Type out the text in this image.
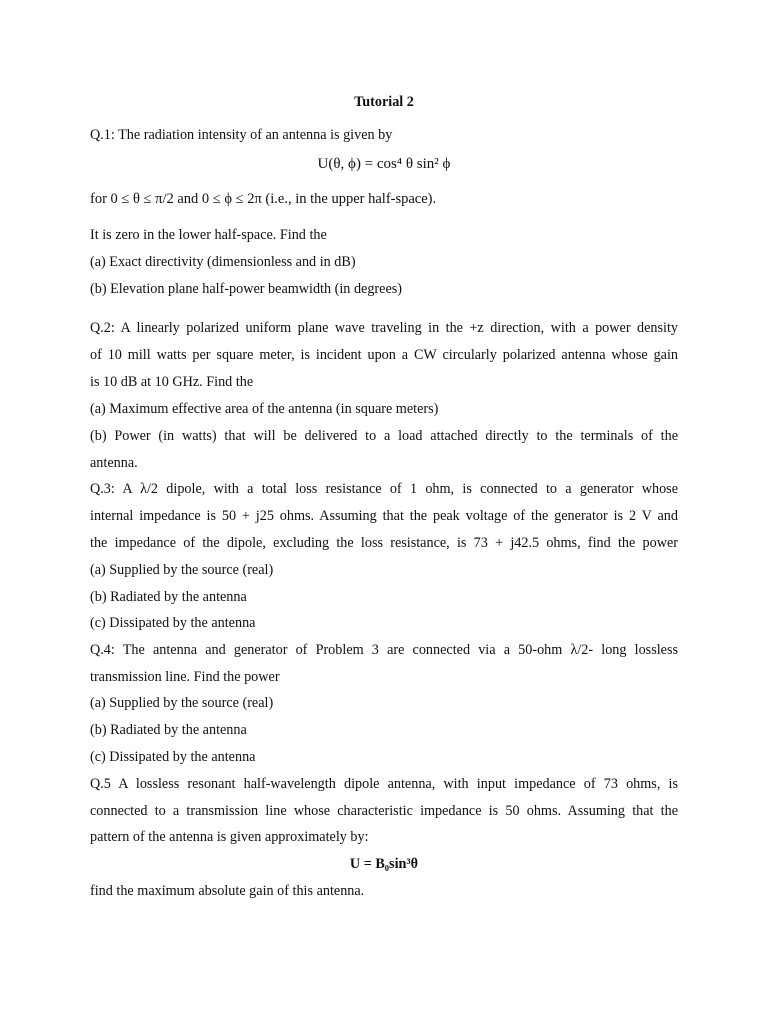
Tutorial 2
Q.1: The radiation intensity of an antenna is given by
U(θ, ϕ) = cos⁴ θ sin² ϕ
for 0 ≤ θ ≤ π/2 and 0 ≤ ϕ ≤ 2π (i.e., in the upper half-space).
It is zero in the lower half-space. Find the
(a) Exact directivity (dimensionless and in dB)
(b) Elevation plane half-power beamwidth (in degrees)
Q.2: A linearly polarized uniform plane wave traveling in the +z direction, with a power density
of 10 mill watts per square meter, is incident upon a CW circularly polarized antenna whose gain
is 10 dB at 10 GHz. Find the
(a) Maximum effective area of the antenna (in square meters)
(b) Power (in watts) that will be delivered to a load attached directly to the terminals of the
antenna.
Q.3: A λ/2 dipole, with a total loss resistance of 1 ohm, is connected to a generator whose
internal impedance is 50 + j25 ohms. Assuming that the peak voltage of the generator is 2 V and
the impedance of the dipole, excluding the loss resistance, is 73 + j42.5 ohms, find the power
(a) Supplied by the source (real)
(b) Radiated by the antenna
(c) Dissipated by the antenna
Q.4: The antenna and generator of Problem 3 are connected via a 50-ohm λ/2- long lossless
transmission line. Find the power
(a) Supplied by the source (real)
(b) Radiated by the antenna
(c) Dissipated by the antenna
Q.5 A lossless resonant half-wavelength dipole antenna, with input impedance of 73 ohms, is
connected to a transmission line whose characteristic impedance is 50 ohms. Assuming that the
pattern of the antenna is given approximately by:
U = B₀sin³θ
find the maximum absolute gain of this antenna.
